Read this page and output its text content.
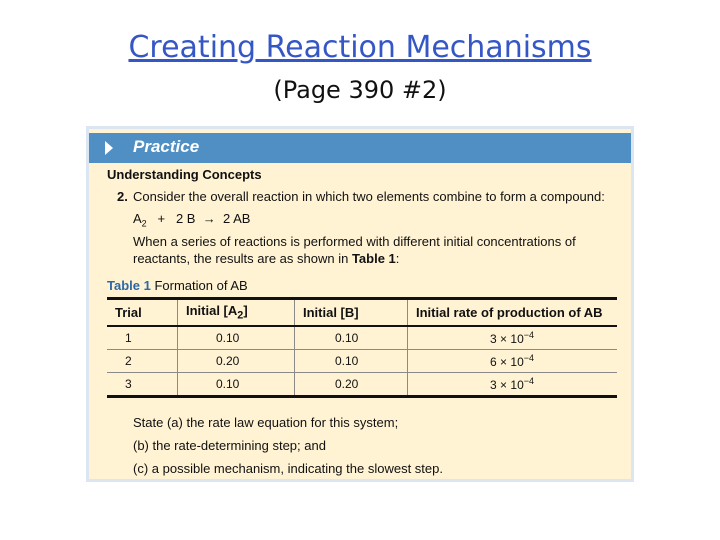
Creating Reaction Mechanisms
(Page 390 #2)
Practice
Understanding Concepts
2. Consider the overall reaction in which two elements combine to form a compound:
$A_2 + 2$ B → 2 AB
When a series of reactions is performed with different initial concentrations of
reactants, the results are as shown in Table 1:
Table 1 Formation of AB
Trial	Initial $[A_2]$	Initial [B]	Initial rate of production of AB
1	0.10	0.10	$3 \times 10^{-4}$
2	0.20	0.10	$6 \times 10^{-4}$
3	0.10	0.20	$3 \times 10^{-4}$
State (a) the rate law equation for this system;
(b) the rate-determining step; and
(c) a possible mechanism, indicating the slowest step.
